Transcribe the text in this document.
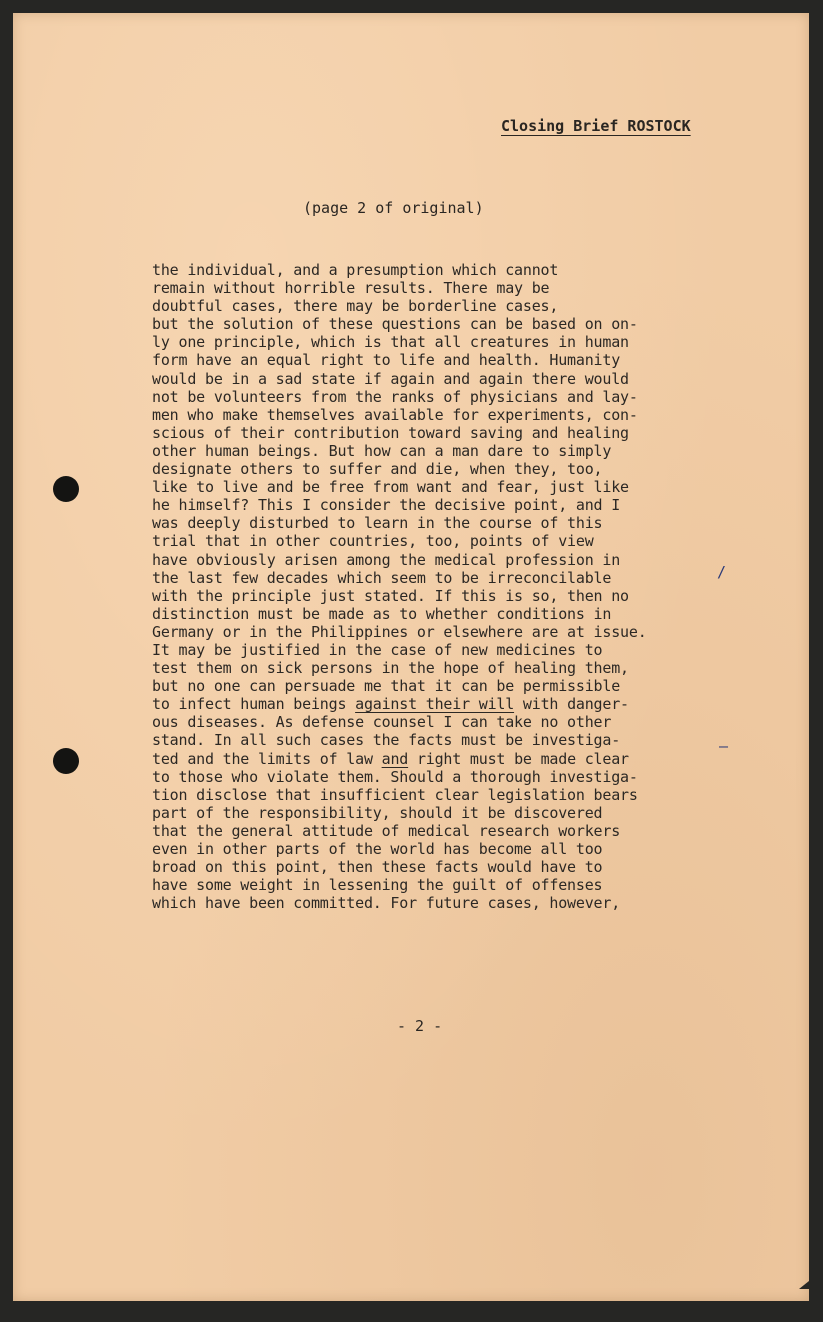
Closing Brief ROSTOCK
(page 2 of original)
the individual, and a presumption which cannot
remain without horrible results. There may be
doubtful cases, there may be borderline cases,
but the solution of these questions can be based on on-
ly one principle, which is that all creatures in human
form have an equal right to life and health. Humanity
would be in a sad state if again and again there would
not be volunteers from the ranks of physicians and lay-
men who make themselves available for experiments, con-
scious of their contribution toward saving and healing
other human beings. But how can a man dare to simply
designate others to suffer and die, when they, too,
like to live and be free from want and fear, just like
he himself? This I consider the decisive point, and I
was deeply disturbed to learn in the course of this
trial that in other countries, too, points of view
have obviously arisen among the medical profession in
the last few decades which seem to be irreconcilable
with the principle just stated. If this is so, then no
distinction must be made as to whether conditions in
Germany or in the Philippines or elsewhere are at issue.
It may be justified in the case of new medicines to
test them on sick persons in the hope of healing them,
but no one can persuade me that it can be permissible
to infect human beings against their will with danger-
ous diseases. As defense counsel I can take no other
stand. In all such cases the facts must be investiga-
ted and the limits of law and right must be made clear
to those who violate them. Should a thorough investiga-
tion disclose that insufficient clear legislation bears
part of the responsibility, should it be discovered
that the general attitude of medical research workers
even in other parts of the world has become all too
broad on this point, then these facts would have to
have some weight in lessening the guilt of offenses
which have been committed. For future cases, however,
/
–
- 2 -
